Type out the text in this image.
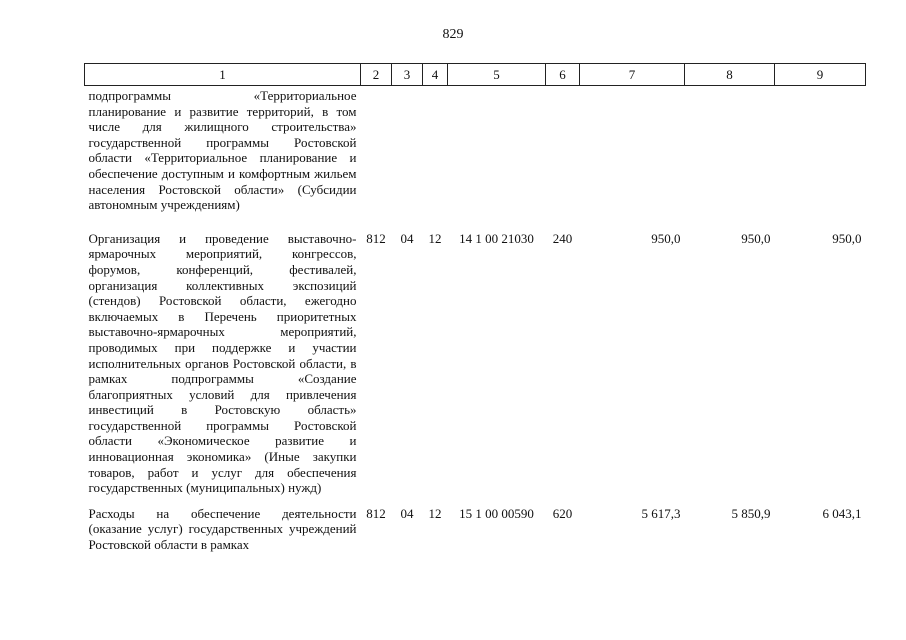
829
1	2	3	4	5	6	7	8	9
подпрограммы «Территориальное планирование и развитие территорий, в том числе для жилищного строительства» государственной программы Ростовской области «Территориальное планирование и обеспечение доступным и комфортным жильем населения Ростовской области» (Субсидии автономным учреждениям)								
Организация и проведение выставочно-ярмарочных мероприятий, конгрессов, форумов, конференций, фестивалей, организация коллективных экспозиций (стендов) Ростовской области, ежегодно включаемых в Перечень приоритетных выставочно-ярмарочных мероприятий, проводимых при поддержке и участии исполнительных органов Ростовской области, в рамках подпрограммы «Создание благоприятных условий для привлечения инвестиций в Ростовскую область» государственной программы Ростовской области «Экономическое развитие и инновационная экономика» (Иные закупки товаров, работ и услуг для обеспечения государственных (муниципальных) нужд)	812	04	12	14 1 00 21030	240	950,0	950,0	950,0
Расходы на обеспечение деятельности (оказание услуг) государственных учреждений Ростовской области в рамках	812	04	12	15 1 00 00590	620	5 617,3	5 850,9	6 043,1
